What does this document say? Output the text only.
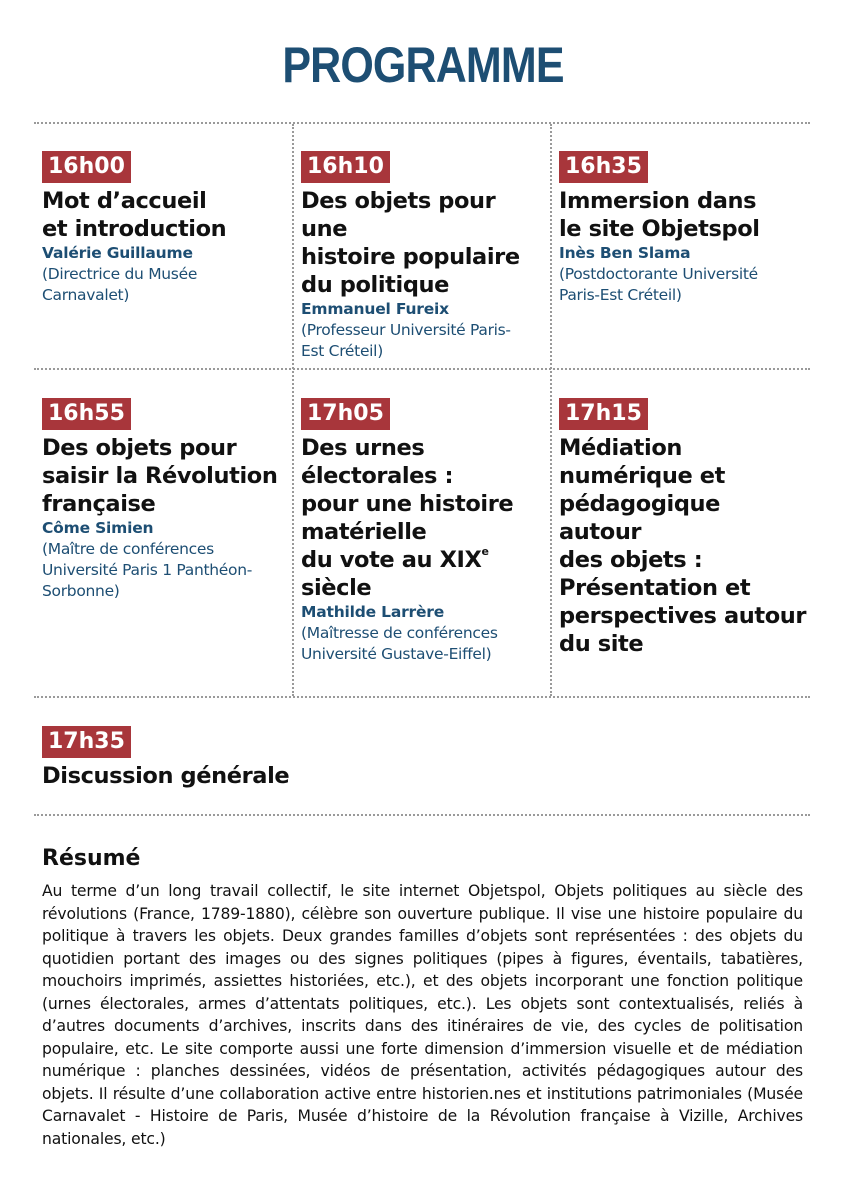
PROGRAMME
16h00
Mot d’accueil
et introduction
Valérie Guillaume
(Directrice du Musée
Carnavalet)
16h10
Des objets pour une
histoire populaire
du politique
Emmanuel Fureix
(Professeur Université Paris-
Est Créteil)
16h35
Immersion dans
le site Objetspol
Inès Ben Slama
(Postdoctorante Université
Paris-Est Créteil)
16h55
Des objets pour
saisir la Révolution
française
Côme Simien
(Maître de conférences
Université Paris 1 Panthéon-
Sorbonne)
17h05
Des urnes
électorales :
pour une histoire
matérielle
du vote au XIXe
siècle
Mathilde Larrère
(Maîtresse de conférences
Université Gustave-Eiffel)
17h15
Médiation
numérique et
pédagogique autour
des objets :
Présentation et
perspectives autour
du site
17h35
Discussion générale
Résumé
Au terme d’un long travail collectif, le site internet Objetspol, Objets politiques au siècle des révolutions (France, 1789-1880), célèbre son ouverture publique. Il vise une histoire populaire du politique à travers les objets. Deux grandes familles d’objets sont représentées : des objets du quotidien portant des images ou des signes politiques (pipes à figures, éventails, tabatières, mouchoirs imprimés, assiettes historiées, etc.), et des objets incorporant une fonction politique (urnes électorales, armes d’attentats politiques, etc.). Les objets sont contextualisés, reliés à d’autres documents d’archives, inscrits dans des itinéraires de vie, des cycles de politisation populaire, etc. Le site comporte aussi une forte dimension d’immersion visuelle et de médiation numérique : planches dessinées, vidéos de présentation, activités pédagogiques autour des objets. Il résulte d’une collaboration active entre historien.nes et institutions patrimoniales (Musée Carnavalet - Histoire de Paris, Musée d’histoire de la Révolution française à Vizille, Archives nationales, etc.)
